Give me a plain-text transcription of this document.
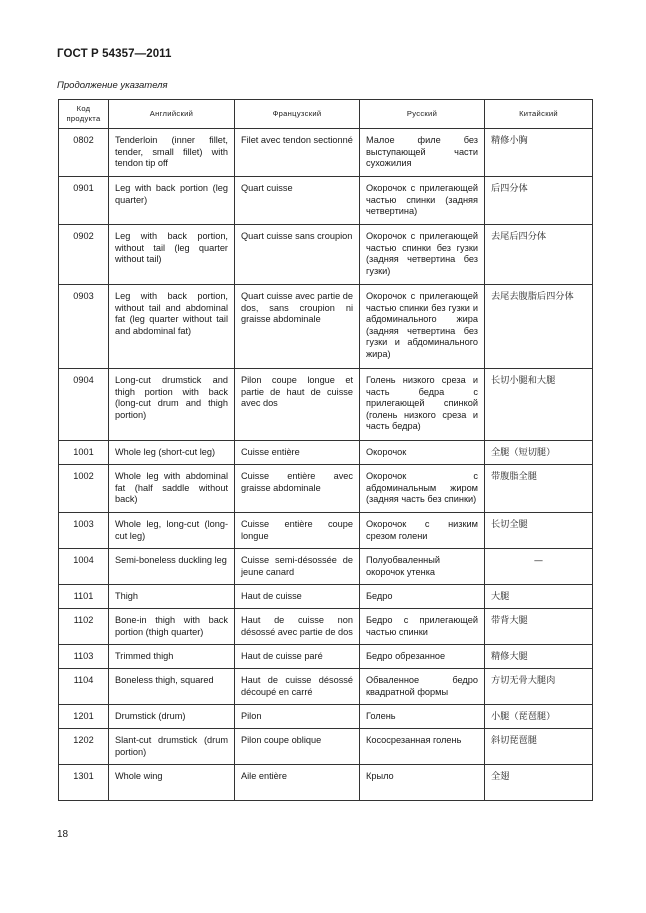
ГОСТ Р 54357—2011
Продолжение указателя
Код продукта	Английский	Французский	Русский	Китайский
0802	Tenderloin (inner fillet, tender, small fillet) with tendon tip off	Filet avec tendon sectionné	Малое филе без выступающей части сухожилия	精修小胸
0901	Leg with back portion (leg quarter)	Quart cuisse	Окорочок с прилегающей частью спинки (задняя четвертина)	后四分体
0902	Leg with back portion, without tail (leg quarter without tail)	Quart cuisse sans croupion	Окорочок с прилегающей частью спинки без гузки (задняя четвертина без гузки)	去尾后四分体
0903	Leg with back portion, without tail and abdominal fat (leg quarter without tail and abdominal fat)	Quart cuisse avec partie de dos, sans croupion ni graisse abdominale	Окорочок с прилегающей частью спинки без гузки и абдоминального жира (задняя четвертина без гузки и абдоминального жира)	去尾去腹脂后四分体
0904	Long-cut drumstick and thigh portion with back (long-cut drum and thigh portion)	Pilon coupe longue et partie de haut de cuisse avec dos	Голень низкого среза и часть бедра с прилегающей спинкой (голень низкого среза и часть бедра)	长切小腿和大腿
1001	Whole leg (short-cut leg)	Cuisse entière	Окорочок	全腿（短切腿）
1002	Whole leg with abdominal fat (half saddle without back)	Cuisse entière avec graisse abdominale	Окорочок с абдоминальным жиром (задняя часть без спинки)	带腹脂全腿
1003	Whole leg, long-cut (long-cut leg)	Cuisse entière coupe longue	Окорочок с низким срезом голени	长切全腿
1004	Semi-boneless duckling leg	Cuisse semi-désossée de jeune canard	Полуобваленный окорочок утенка	—
1101	Thigh	Haut de cuisse	Бедро	大腿
1102	Bone-in thigh with back portion (thigh quarter)	Haut de cuisse non désossé avec partie de dos	Бедро с прилегающей частью спинки	带背大腿
1103	Trimmed thigh	Haut de cuisse paré	Бедро обрезанное	精修大腿
1104	Boneless thigh, squared	Haut de cuisse désossé découpé en carré	Обваленное бедро квадратной формы	方切无骨大腿肉
1201	Drumstick (drum)	Pilon	Голень	小腿（琵琶腿）
1202	Slant-cut drumstick (drum portion)	Pilon coupe oblique	Кососрезанная голень	斜切琵琶腿
1301	Whole wing	Aile entière	Крыло	全翅
18
